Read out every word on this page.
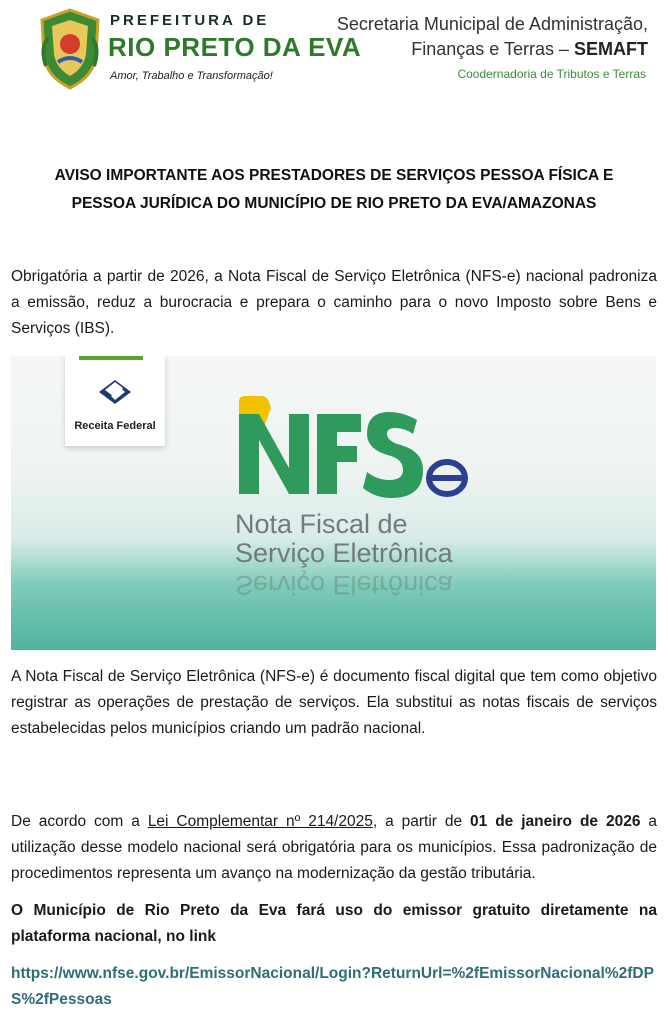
PREFEITURA DE
RIO PRETO DA EVA
Amor, Trabalho e Transformação!
Secretaria Municipal de Administração,
Finanças e Terras – SEMAFT
Coodernadoria de Tributos e Terras
AVISO IMPORTANTE AOS PRESTADORES DE SERVIÇOS PESSOA FÍSICA E
PESSOA JURÍDICA DO MUNICÍPIO DE RIO PRETO DA EVA/AMAZONAS
Obrigatória a partir de 2026, a Nota Fiscal de Serviço Eletrônica (NFS-e) nacional padroniza a emissão, reduz a burocracia e prepara o caminho para o novo Imposto sobre Bens e Serviços (IBS).
Receita Federal
Nota Fiscal de
Serviço Eletrônica
Serviço Eletrônica
A Nota Fiscal de Serviço Eletrônica (NFS-e) é documento fiscal digital que tem como objetivo registrar as operações de prestação de serviços. Ela substitui as notas fiscais de serviços estabelecidas pelos municípios criando um padrão nacional.
De acordo com a Lei Complementar nº 214/2025, a partir de 01 de janeiro de 2026 a utilização desse modelo nacional será obrigatória para os municípios. Essa padronização de procedimentos representa um avanço na modernização da gestão tributária.
O Município de Rio Preto da Eva fará uso do emissor gratuito diretamente na plataforma nacional, no link
https://www.nfse.gov.br/EmissorNacional/Login?ReturnUrl=%2fEmissorNacional%2fDPS%2fPessoas
